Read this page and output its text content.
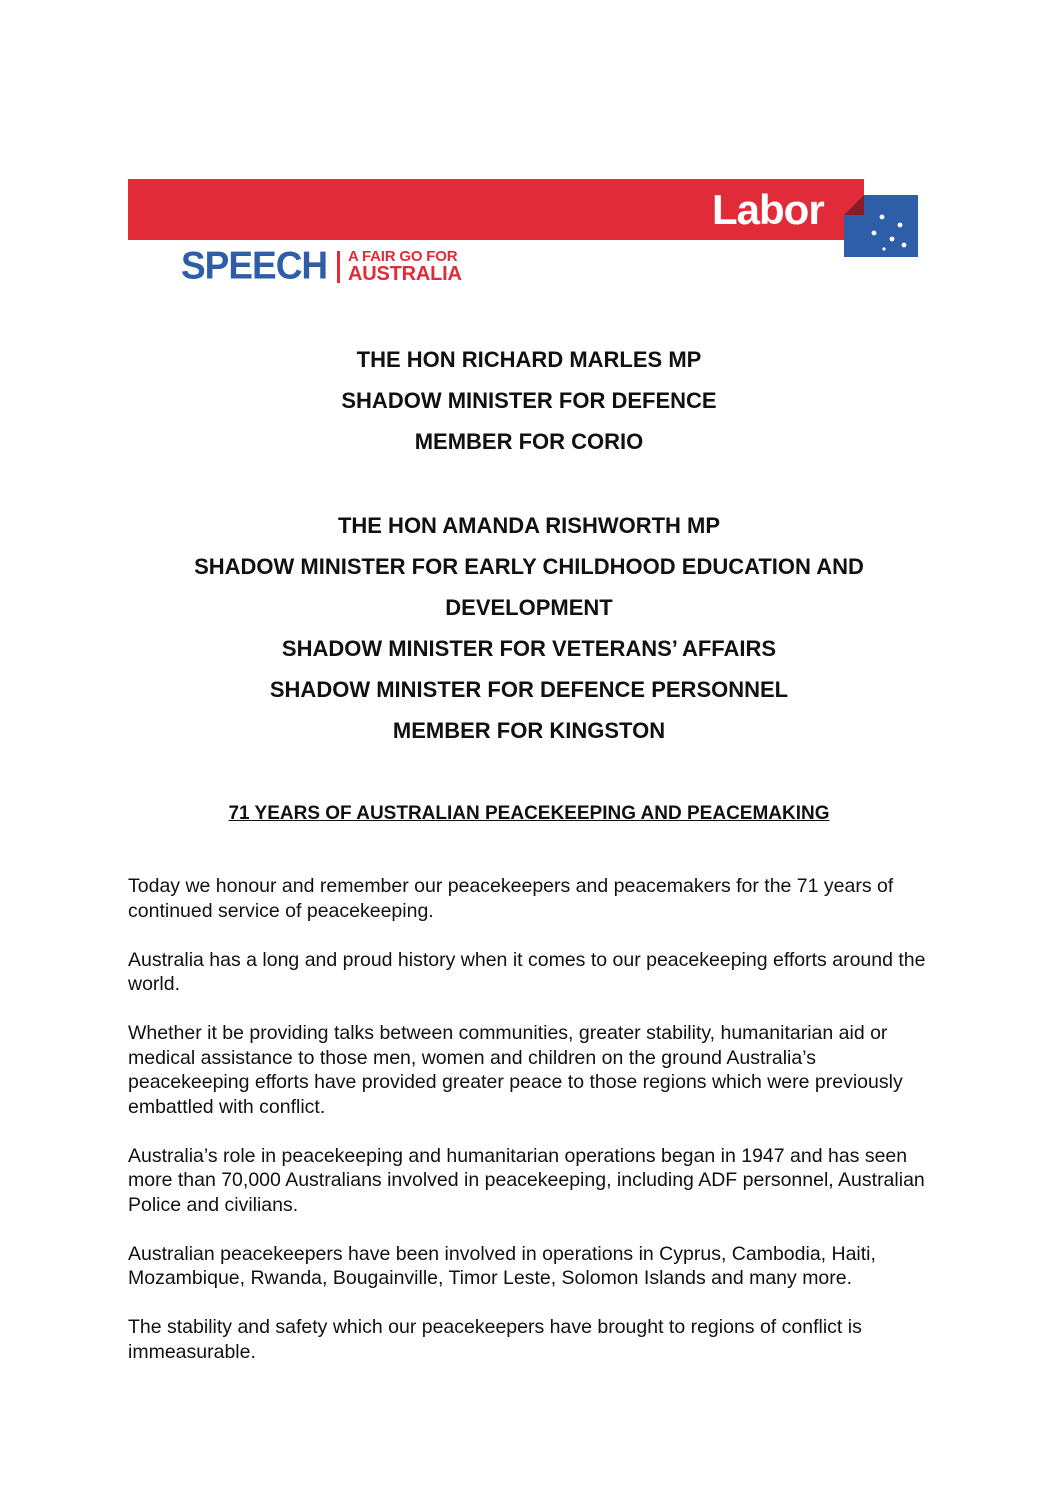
Labor
SPEECH A FAIR GO FOR
AUSTRALIA
THE HON RICHARD MARLES MP
SHADOW MINISTER FOR DEFENCE
MEMBER FOR CORIO
THE HON AMANDA RISHWORTH MP
SHADOW MINISTER FOR EARLY CHILDHOOD EDUCATION AND
DEVELOPMENT
SHADOW MINISTER FOR VETERANS’ AFFAIRS
SHADOW MINISTER FOR DEFENCE PERSONNEL
MEMBER FOR KINGSTON
71 YEARS OF AUSTRALIAN PEACEKEEPING AND PEACEMAKING

Today we honour and remember our peacekeepers and peacemakers for the 71 years of continued service of peacekeeping.

Australia has a long and proud history when it comes to our peacekeeping efforts around the world.

Whether it be providing talks between communities, greater stability, humanitarian aid or medical assistance to those men, women and children on the ground Australia’s peacekeeping efforts have provided greater peace to those regions which were previously embattled with conflict.

Australia’s role in peacekeeping and humanitarian operations began in 1947 and has seen more than 70,000 Australians involved in peacekeeping, including ADF personnel, Australian Police and civilians.

Australian peacekeepers have been involved in operations in Cyprus, Cambodia, Haiti, Mozambique, Rwanda, Bougainville, Timor Leste, Solomon Islands and many more.

The stability and safety which our peacekeepers have brought to regions of conflict is immeasurable.
